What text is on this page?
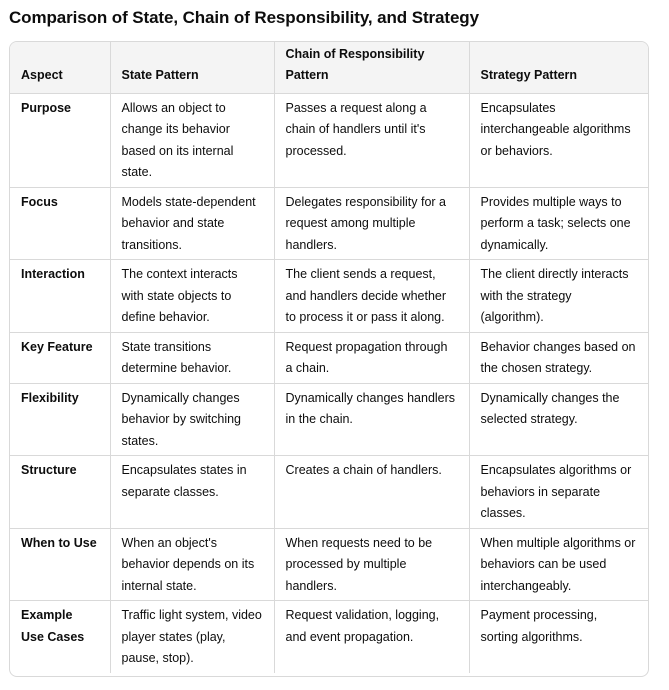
Comparison of State, Chain of Responsibility, and Strategy
Aspect	State Pattern	Chain of Responsibility Pattern	Strategy Pattern
Purpose	Allows an object to change its behavior based on its internal state.	Passes a request along a chain of handlers until it's processed.	Encapsulates interchangeable algorithms or behaviors.
Focus	Models state-dependent behavior and state transitions.	Delegates responsibility for a request among multiple handlers.	Provides multiple ways to perform a task; selects one dynamically.
Interaction	The context interacts with state objects to define behavior.	The client sends a request, and handlers decide whether to process it or pass it along.	The client directly interacts with the strategy (algorithm).
Key Feature	State transitions determine behavior.	Request propagation through a chain.	Behavior changes based on the chosen strategy.
Flexibility	Dynamically changes behavior by switching states.	Dynamically changes handlers in the chain.	Dynamically changes the selected strategy.
Structure	Encapsulates states in separate classes.	Creates a chain of handlers.	Encapsulates algorithms or behaviors in separate classes.
When to Use	When an object's behavior depends on its internal state.	When requests need to be processed by multiple handlers.	When multiple algorithms or behaviors can be used interchangeably.
Example Use Cases	Traffic light system, video player states (play, pause, stop).	Request validation, logging, and event propagation.	Payment processing, sorting algorithms.
